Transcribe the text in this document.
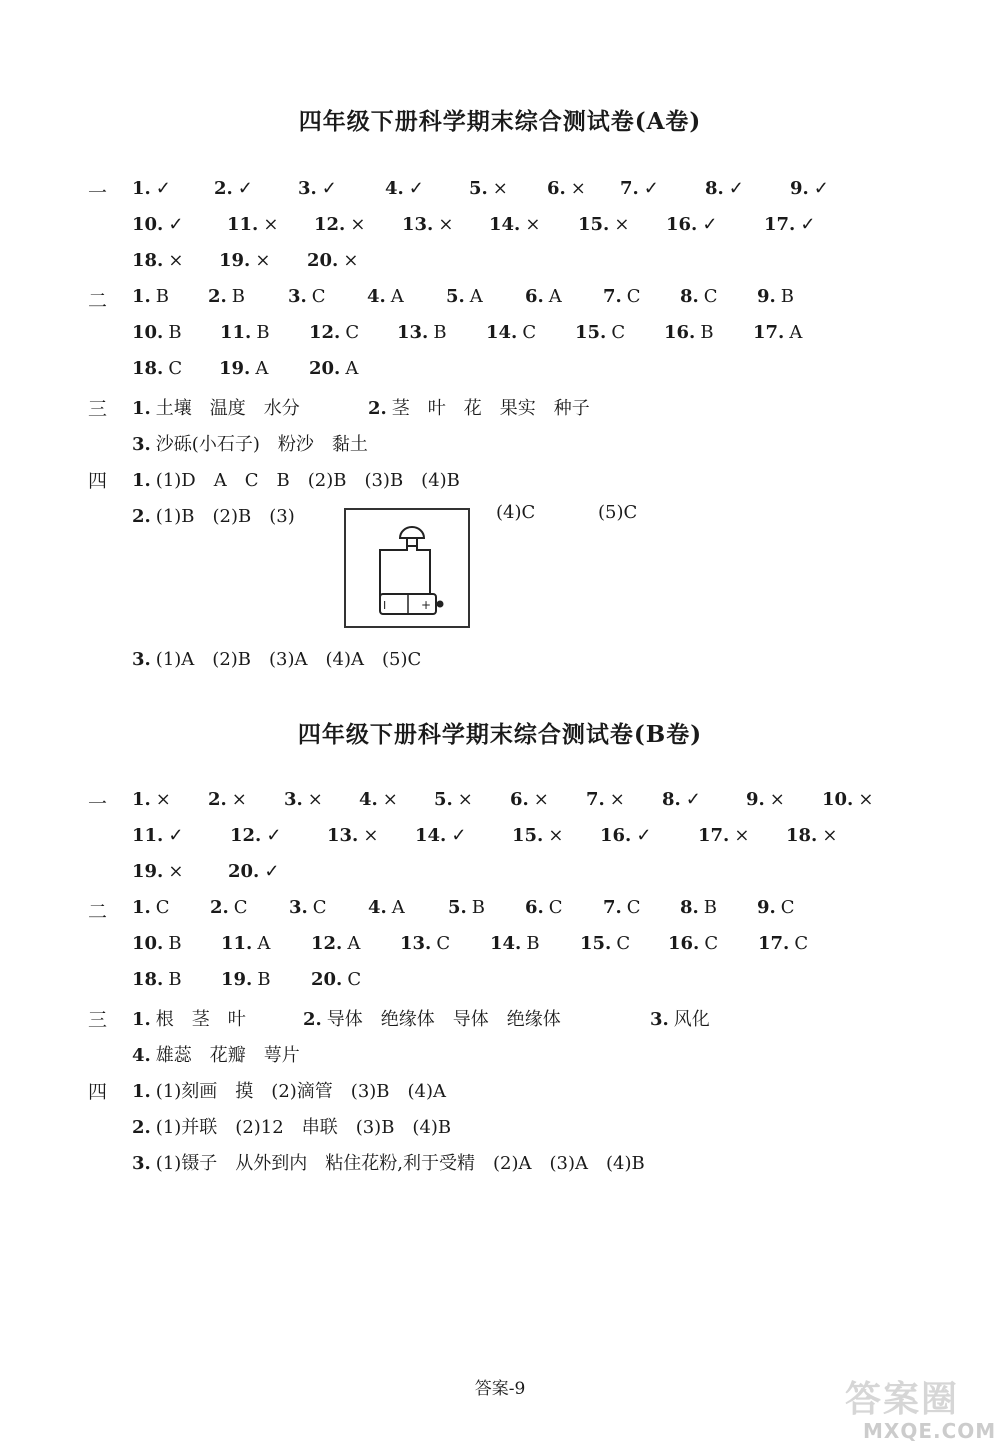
四年级下册科学期末综合测试卷(A卷)
一 1. ✓ 2. ✓	3. ✓	4. ✓	5. × 6. × 7. ✓	8. ✓	9. ✓
10. ✓ 11. × 12. × 13. × 14. × 15. × 16. ✓	17. ✓
18. × 19. × 20. ×
二 1. B 2. B 3. C 4. A 5. A 6. A 7. C 8. C 9. B
10. B 11. B 12. C 13. B 14. C 15. C 16. B 17. A
18. C 19. A 20. A
三 1. 土壤　温度　水分	2. 茎　叶　花　果实　种子
3. 沙砾(小石子)　粉沙　黏土
四 1. (1)D　A　C　B　(2)B　(3)B　(4)B
2. (1)B　(2)B　(3)	(4)C	(5)C
I	+
3. (1)A　(2)B　(3)A　(4)A　(5)C
四年级下册科学期末综合测试卷(B卷)
一 1. × 2. × 3. × 4. × 5. × 6. × 7. × 8. ✓	9. × 10. ×
11. ✓	12. ✓	13. × 14. ✓	15. × 16. ✓	17. × 18. ×
19. × 20. ✓
二 1. C 2. C 3. C 4. A 5. B 6. C 7. C 8. B 9. C
10. B 11. A 12. A 13. C 14. B 15. C 16. C 17. C
18. B 19. B 20. C
三 1. 根　茎　叶	2. 导体　绝缘体　导体　绝缘体	3. 风化
4. 雄蕊　花瓣　萼片
四 1. (1)刻画　摸　(2)滴管　(3)B　(4)A
2. (1)并联　(2)12　串联　(3)B　(4)B
3. (1)镊子　从外到内　粘住花粉,利于受精　(2)A　(3)A　(4)B
答案-9	答案圈
MXQE.COM
